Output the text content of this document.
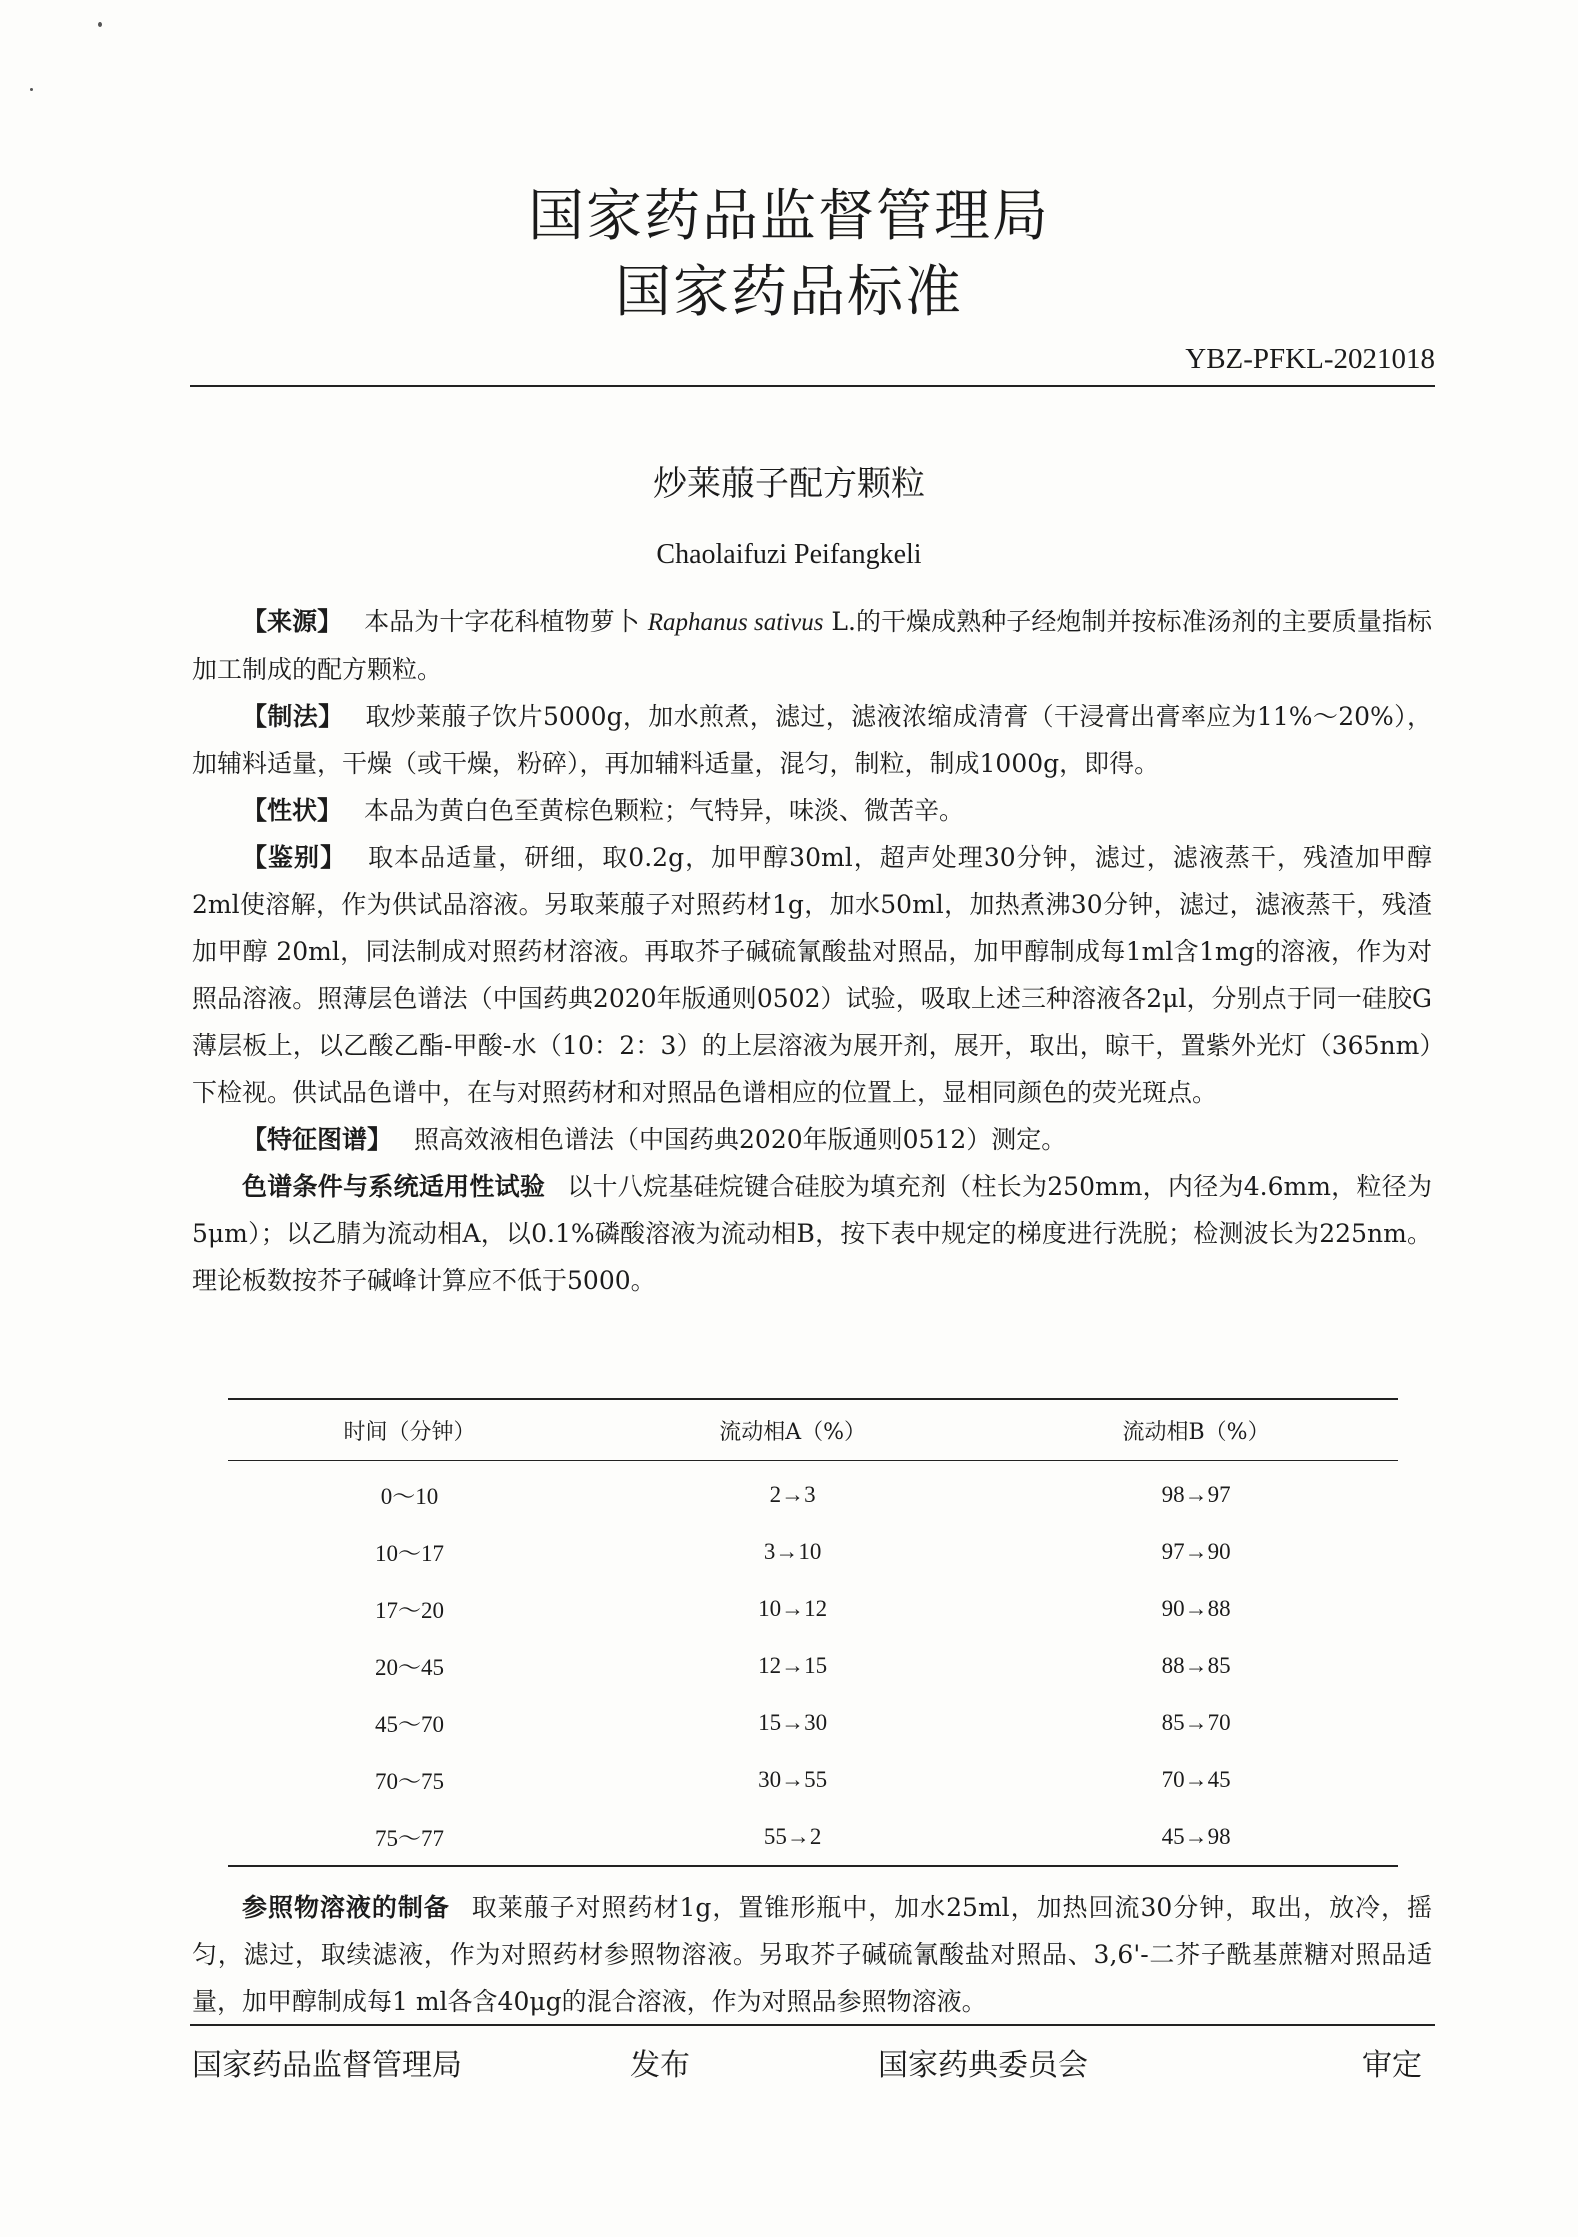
国家药品监督管理局
国家药品标准
YBZ-PFKL-2021018
炒莱菔子配方颗粒
Chaolaifuzi Peifangkeli

【来源】 本品为十字花科植物萝卜 Raphanus sativus L.的干燥成熟种子经炮制并按标准汤剂的主要质量指标加工制成的配方颗粒。

【制法】 取炒莱菔子饮片5000g，加水煎煮，滤过，滤液浓缩成清膏（干浸膏出膏率应为11%～20%），加辅料适量，干燥（或干燥，粉碎），再加辅料适量，混匀，制粒，制成1000g，即得。

【性状】 本品为黄白色至黄棕色颗粒；气特异，味淡、微苦辛。

【鉴别】 取本品适量，研细，取0.2g，加甲醇30ml，超声处理30分钟，滤过，滤液蒸干，残渣加甲醇2ml使溶解，作为供试品溶液。另取莱菔子对照药材1g，加水50ml，加热煮沸30分钟，滤过，滤液蒸干，残渣加甲醇 20ml，同法制成对照药材溶液。再取芥子碱硫氰酸盐对照品，加甲醇制成每1ml含1mg的溶液，作为对照品溶液。照薄层色谱法（中国药典2020年版通则0502）试验，吸取上述三种溶液各2μl，分别点于同一硅胶G薄层板上，以乙酸乙酯-甲酸-水（10：2：3）的上层溶液为展开剂，展开，取出，晾干，置紫外光灯（365nm）下检视。供试品色谱中，在与对照药材和对照品色谱相应的位置上，显相同颜色的荧光斑点。

【特征图谱】 照高效液相色谱法（中国药典2020年版通则0512）测定。

色谱条件与系统适用性试验 以十八烷基硅烷键合硅胶为填充剂（柱长为250mm，内径为4.6mm，粒径为5μm）；以乙腈为流动相A，以0.1%磷酸溶液为流动相B，按下表中规定的梯度进行洗脱；检测波长为225nm。理论板数按芥子碱峰计算应不低于5000。

时间（分钟）	流动相A（%）	流动相B（%）
0～10	2→3	98→97
10～17	3→10	97→90
17～20	10→12	90→88
20～45	12→15	88→85
45～70	15→30	85→70
70～75	30→55	70→45
75～77	55→2	45→98

参照物溶液的制备 取莱菔子对照药材1g，置锥形瓶中，加水25ml，加热回流30分钟，取出，放冷，摇匀，滤过，取续滤液，作为对照药材参照物溶液。另取芥子碱硫氰酸盐对照品、3,6'-二芥子酰基蔗糖对照品适量，加甲醇制成每1 ml各含40μg的混合溶液，作为对照品参照物溶液。

国家药品监督管理局	发布	国家药典委员会	审定
